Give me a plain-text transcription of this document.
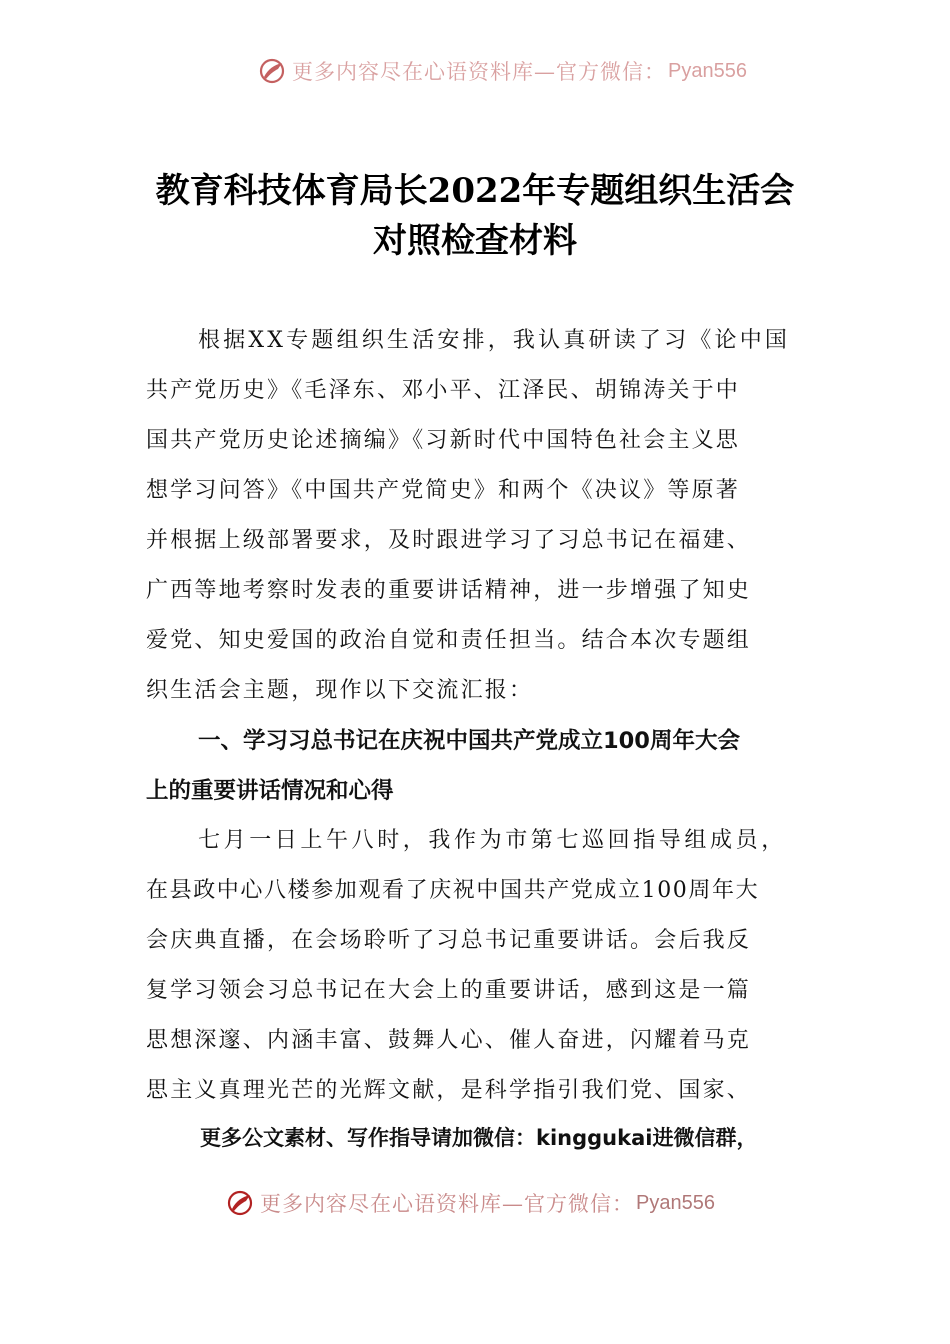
更多内容尽在心语资料库—官方微信： Pyan556
教育科技体育局长2022年专题组织生活会
对照检查材料
根据XX专题组织生活安排，我认真研读了习《论中国
共产党历史》《毛泽东、邓小平、江泽民、胡锦涛关于中
国共产党历史论述摘编》《习新时代中国特色社会主义思
想学习问答》《中国共产党简史》和两个《决议》等原著
并根据上级部署要求，及时跟进学习了习总书记在福建、
广西等地考察时发表的重要讲话精神，进一步增强了知史
爱党、知史爱国的政治自觉和责任担当。结合本次专题组
织生活会主题，现作以下交流汇报：
一、学习习总书记在庆祝中国共产党成立100周年大会
上的重要讲话情况和心得
七月一日上午八时，我作为市第七巡回指导组成员，
在县政中心八楼参加观看了庆祝中国共产党成立100周年大
会庆典直播，在会场聆听了习总书记重要讲话。会后我反
复学习领会习总书记在大会上的重要讲话，感到这是一篇
思想深邃、内涵丰富、鼓舞人心、催人奋进，闪耀着马克
思主义真理光芒的光辉文献，是科学指引我们党、国家、
更多公文素材、写作指导请加微信：kinggukai进微信群，
更多内容尽在心语资料库—官方微信： Pyan556
